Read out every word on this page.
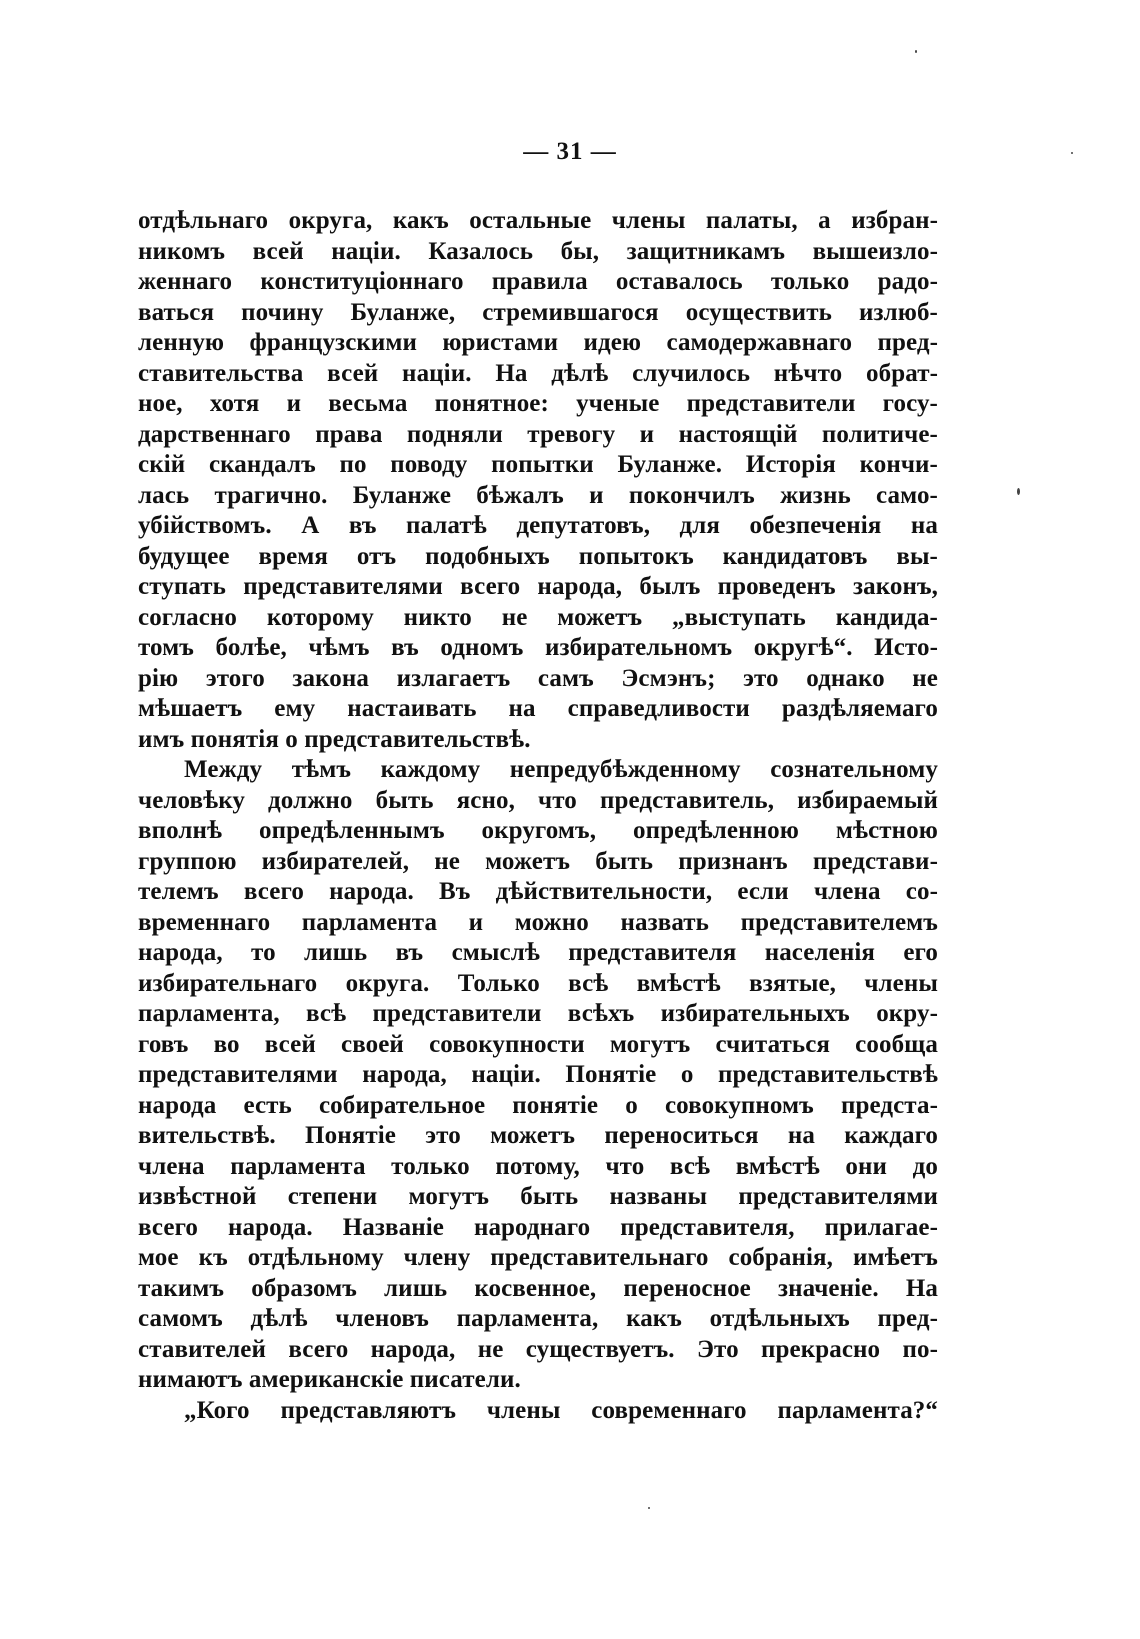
— 31 —
отдѣльнаго округа, какъ остальные члены палаты, а избран-
никомъ всей націи. Казалось бы, защитникамъ вышеизло-
женнаго конституціоннаго правила оставалось только радо-
ваться почину Буланже, стремившагося осуществить излюб-
ленную французскими юристами идею самодержавнаго пред-
ставительства всей націи. На дѣлѣ случилось нѣчто обрат-
ное, хотя и весьма понятное: ученые представители госу-
дарственнаго права подняли тревогу и настоящій политиче-
скій скандалъ по поводу попытки Буланже. Исторія кончи-
лась трагично. Буланже бѣжалъ и покончилъ жизнь само-
убійствомъ. А въ палатѣ депутатовъ, для обезпеченія на
будущее время отъ подобныхъ попытокъ кандидатовъ вы-
ступать представителями всего народа, былъ проведенъ законъ,
согласно которому никто не можетъ „выступать кандида-
томъ болѣе, чѣмъ въ одномъ избирательномъ округѣ“. Исто-
рію этого закона излагаетъ самъ Эсмэнъ; это однако не
мѣшаетъ ему настаивать на справедливости раздѣляемаго
имъ понятія о представительствѣ.
Между тѣмъ каждому непредубѣжденному сознательному
человѣку должно быть ясно, что представитель, избираемый
вполнѣ опредѣленнымъ округомъ, опредѣленною мѣстною
группою избирателей, не можетъ быть признанъ представи-
телемъ всего народа. Въ дѣйствительности, если члена со-
временнаго парламента и можно назвать представителемъ
народа, то лишь въ смыслѣ представителя населенія его
избирательнаго округа. Только всѣ вмѣстѣ взятые, члены
парламента, всѣ представители всѣхъ избирательныхъ окру-
говъ во всей своей совокупности могутъ считаться сообща
представителями народа, націи. Понятіе о представительствѣ
народа есть собирательное понятіе о совокупномъ предста-
вительствѣ. Понятіе это можетъ переноситься на каждаго
члена парламента только потому, что всѣ вмѣстѣ они до
извѣстной степени могутъ быть названы представителями
всего народа. Названіе народнаго представителя, прилагае-
мое къ отдѣльному члену представительнаго собранія, имѣетъ
такимъ образомъ лишь косвенное, переносное значеніе. На
самомъ дѣлѣ членовъ парламента, какъ отдѣльныхъ пред-
ставителей всего народа, не существуетъ. Это прекрасно по-
нимаютъ американскіе писатели.
„Кого представляютъ члены современнаго парламента?“
